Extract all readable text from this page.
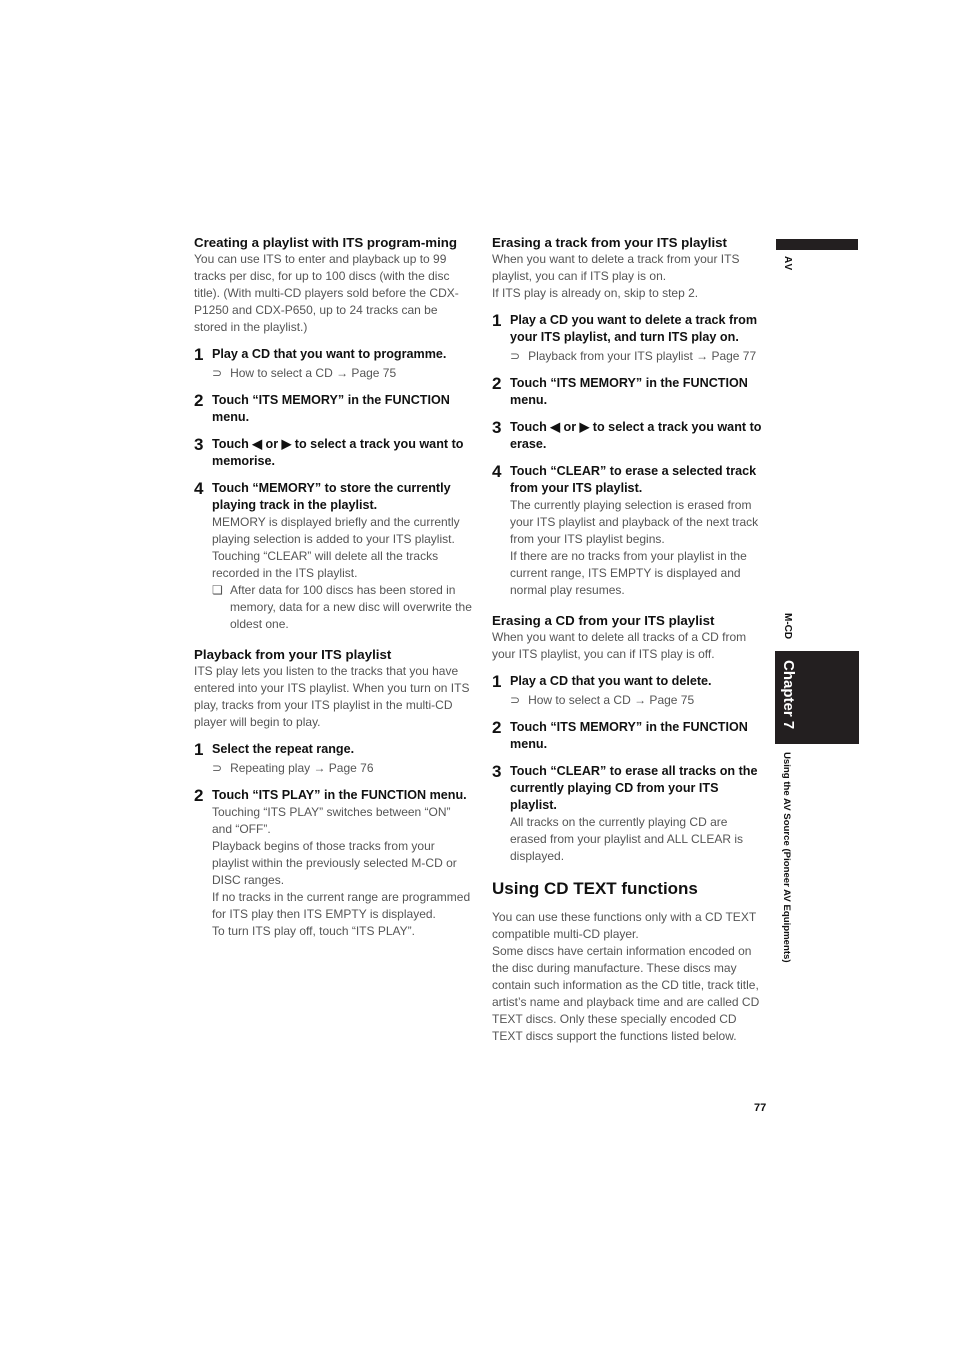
Creating a playlist with ITS program-ming

You can use ITS to enter and playback up to 99 tracks per disc, for up to 100 discs (with the disc title). (With multi-CD players sold before the CDX-P1250 and CDX-P650, up to 24 tracks can be stored in the playlist.)

1 Play a CD that you want to programme.
⊃ How to select a CD → Page 75
2 Touch “ITS MEMORY” in the FUNCTION menu.
3 Touch ◀ or ▶ to select a track you want to memorise.
4 Touch “MEMORY” to store the currently playing track in the playlist.

MEMORY is displayed briefly and the currently playing selection is added to your ITS playlist.

Touching “CLEAR” will delete all the tracks recorded in the ITS playlist.

❏ After data for 100 discs has been stored in memory, data for a new disc will overwrite the oldest one.
Playback from your ITS playlist

ITS play lets you listen to the tracks that you have entered into your ITS playlist. When you turn on ITS play, tracks from your ITS playlist in the multi-CD player will begin to play.

1 Select the repeat range.
⊃ Repeating play → Page 76
2 Touch “ITS PLAY” in the FUNCTION menu.

Touching “ITS PLAY” switches between “ON” and “OFF”.

Playback begins of those tracks from your playlist within the previously selected M-CD or DISC ranges.

If no tracks in the current range are programmed for ITS play then ITS EMPTY is displayed.

To turn ITS play off, touch “ITS PLAY”.

Erasing a track from your ITS playlist

When you want to delete a track from your ITS playlist, you can if ITS play is on.

If ITS play is already on, skip to step 2.

1 Play a CD you want to delete a track from your ITS playlist, and turn ITS play on.
⊃ Playback from your ITS playlist → Page 77
2 Touch “ITS MEMORY” in the FUNCTION menu.
3 Touch ◀ or ▶ to select a track you want to erase.
4 Touch “CLEAR” to erase a selected track from your ITS playlist.

The currently playing selection is erased from your ITS playlist and playback of the next track from your ITS playlist begins.

If there are no tracks from your playlist in the current range, ITS EMPTY is displayed and normal play resumes.

Erasing a CD from your ITS playlist

When you want to delete all tracks of a CD from your ITS playlist, you can if ITS play is off.

1 Play a CD that you want to delete.
⊃ How to select a CD → Page 75
2 Touch “ITS MEMORY” in the FUNCTION menu.
3 Touch “CLEAR” to erase all tracks on the currently playing CD from your ITS playlist.

All tracks on the currently playing CD are erased from your playlist and ALL CLEAR is displayed.

Using CD TEXT functions

You can use these functions only with a CD TEXT compatible multi-CD player.

Some discs have certain information encoded on the disc during manufacture. These discs may contain such information as the CD title, track title, artist’s name and playback time and are called CD TEXT discs. Only these specially encoded CD TEXT discs support the functions listed below.

AV
M-CD
Chapter 7
Using the AV Source (Pioneer AV Equipments)
77
